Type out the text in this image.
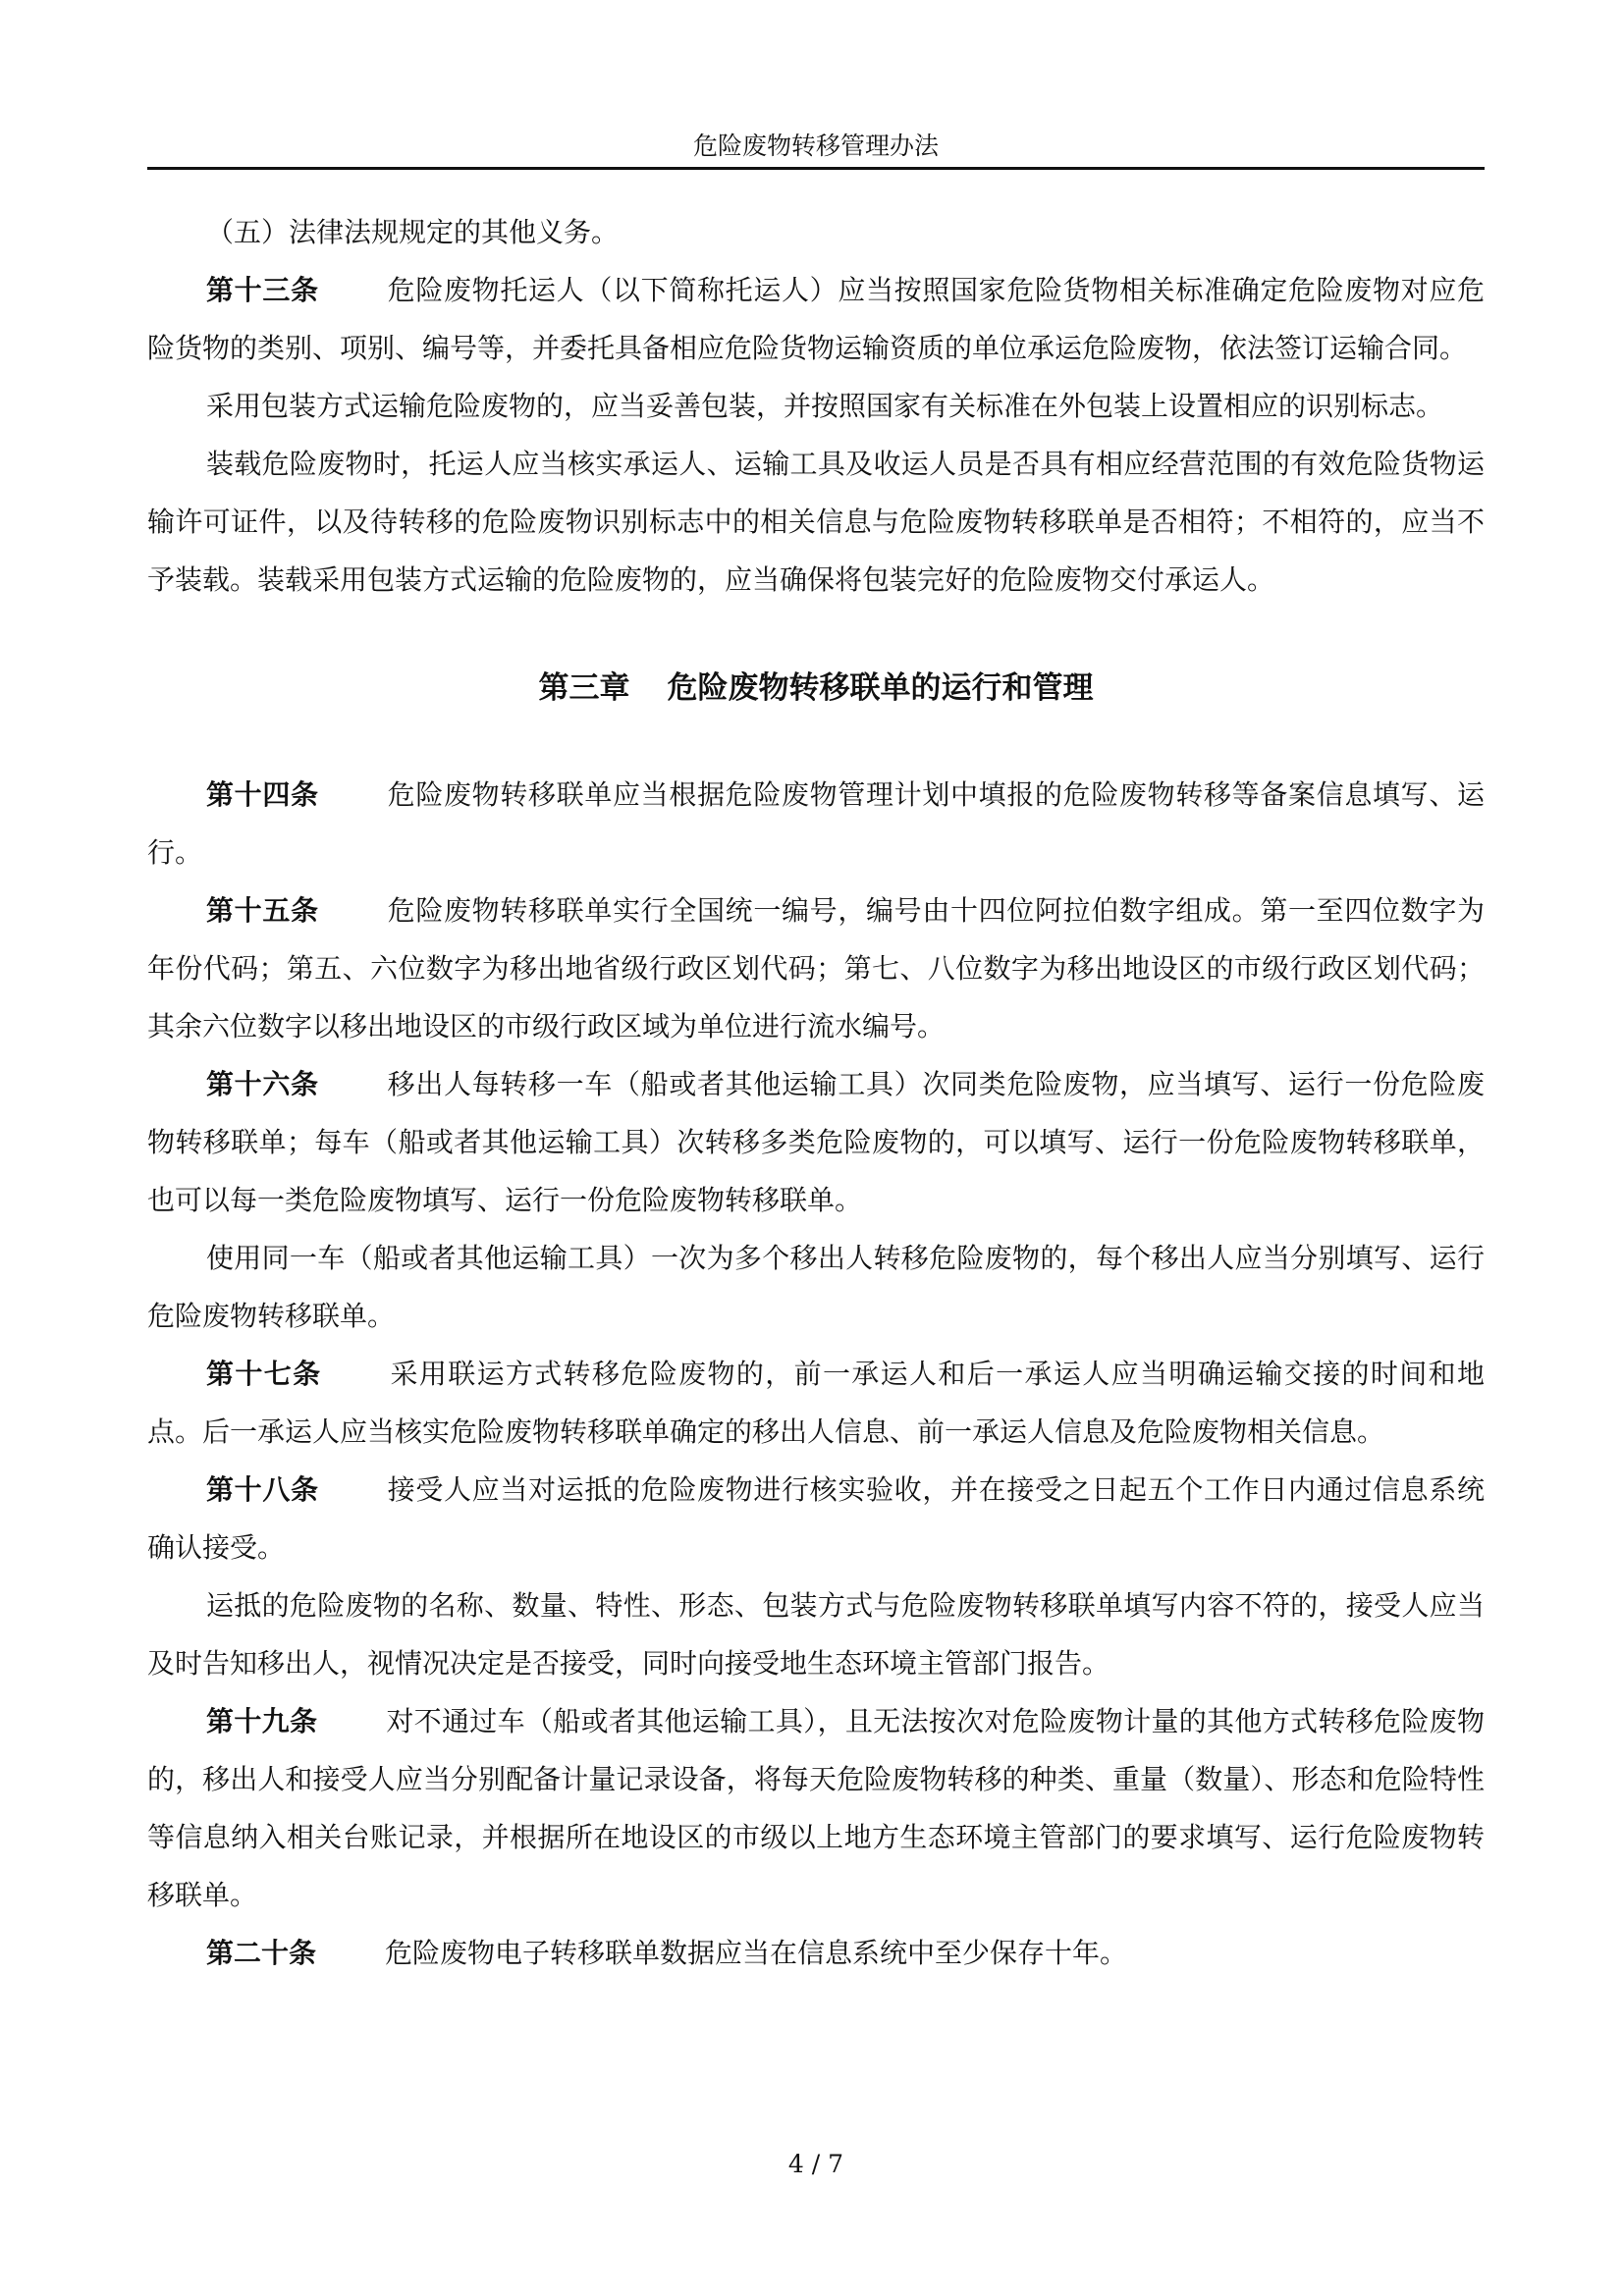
危险废物转移管理办法

（五）法律法规规定的其他义务。

第十三条	危险废物托运人（以下简称托运人）应当按照国家危险货物相关标准确定危险废物对应危险货物的类别、项别、编号等，并委托具备相应危险货物运输资质的单位承运危险废物，依法签订运输合同。

采用包装方式运输危险废物的，应当妥善包装，并按照国家有关标准在外包装上设置相应的识别标志。

装载危险废物时，托运人应当核实承运人、运输工具及收运人员是否具有相应经营范围的有效危险货物运输许可证件，以及待转移的危险废物识别标志中的相关信息与危险废物转移联单是否相符；不相符的，应当不予装载。装载采用包装方式运输的危险废物的，应当确保将包装完好的危险废物交付承运人。

第三章 危险废物转移联单的运行和管理

第十四条	危险废物转移联单应当根据危险废物管理计划中填报的危险废物转移等备案信息填写、运行。

第十五条	危险废物转移联单实行全国统一编号，编号由十四位阿拉伯数字组成。第一至四位数字为年份代码；第五、六位数字为移出地省级行政区划代码；第七、八位数字为移出地设区的市级行政区划代码；其余六位数字以移出地设区的市级行政区域为单位进行流水编号。

第十六条	移出人每转移一车（船或者其他运输工具）次同类危险废物，应当填写、运行一份危险废物转移联单；每车（船或者其他运输工具）次转移多类危险废物的，可以填写、运行一份危险废物转移联单，也可以每一类危险废物填写、运行一份危险废物转移联单。

使用同一车（船或者其他运输工具）一次为多个移出人转移危险废物的，每个移出人应当分别填写、运行危险废物转移联单。

第十七条	采用联运方式转移危险废物的，前一承运人和后一承运人应当明确运输交接的时间和地点。后一承运人应当核实危险废物转移联单确定的移出人信息、前一承运人信息及危险废物相关信息。

第十八条	接受人应当对运抵的危险废物进行核实验收，并在接受之日起五个工作日内通过信息系统确认接受。

运抵的危险废物的名称、数量、特性、形态、包装方式与危险废物转移联单填写内容不符的，接受人应当及时告知移出人，视情况决定是否接受，同时向接受地生态环境主管部门报告。

第十九条	对不通过车（船或者其他运输工具），且无法按次对危险废物计量的其他方式转移危险废物的，移出人和接受人应当分别配备计量记录设备，将每天危险废物转移的种类、重量（数量）、形态和危险特性等信息纳入相关台账记录，并根据所在地设区的市级以上地方生态环境主管部门的要求填写、运行危险废物转移联单。

第二十条	危险废物电子转移联单数据应当在信息系统中至少保存十年。

4 / 7
